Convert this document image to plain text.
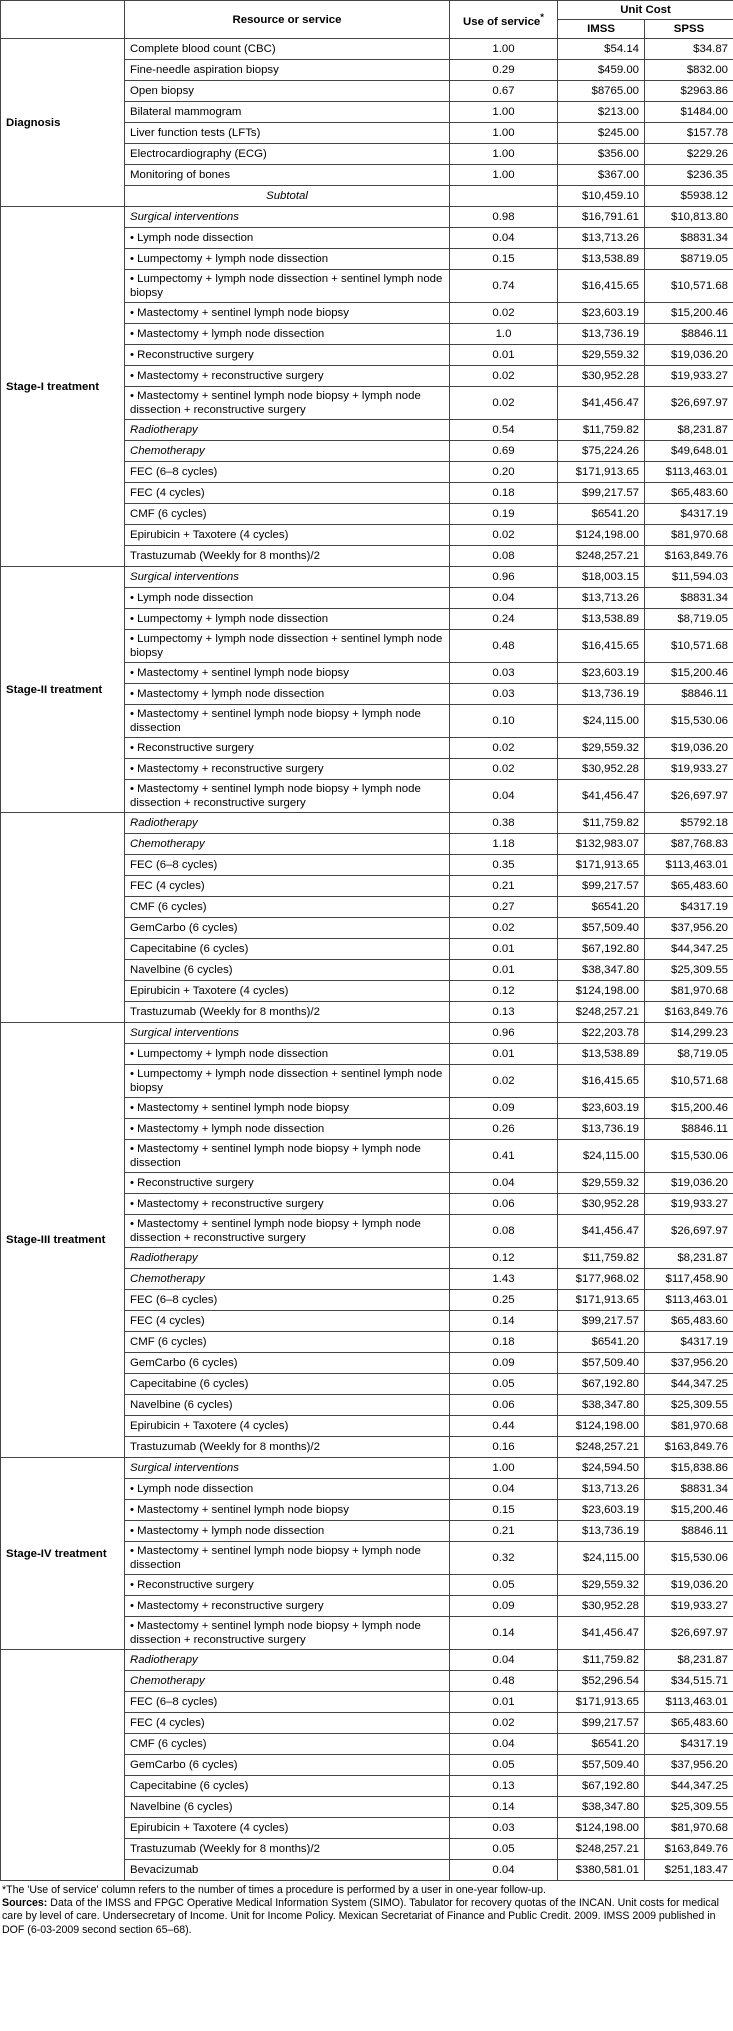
	Resource or service	Use of service*	Unit Cost	
			IMSS	SPSS
Diagnosis	Complete blood count (CBC)	1.00	$54.14	$34.87
	Fine-needle aspiration biopsy	0.29	$459.00	$832.00
	Open biopsy	0.67	$8765.00	$2963.86
	Bilateral mammogram	1.00	$213.00	$1484.00
	Liver function tests (LFTs)	1.00	$245.00	$157.78
	Electrocardiography (ECG)	1.00	$356.00	$229.26
	Monitoring of bones	1.00	$367.00	$236.35
	Subtotal		$10,459.10	$5938.12
Stage-I treatment	Surgical interventions	0.98	$16,791.61	$10,813.80
	• Lymph node dissection	0.04	$13,713.26	$8831.34
	• Lumpectomy + lymph node dissection	0.15	$13,538.89	$8719.05
	• Lumpectomy + lymph node dissection + sentinel lymph node biopsy	0.74	$16,415.65	$10,571.68
	• Mastectomy + sentinel lymph node biopsy	0.02	$23,603.19	$15,200.46
	• Mastectomy + lymph node dissection	1.0	$13,736.19	$8846.11
	• Reconstructive surgery	0.01	$29,559.32	$19,036.20
	• Mastectomy + reconstructive surgery	0.02	$30,952.28	$19,933.27
	• Mastectomy + sentinel lymph node biopsy + lymph node dissection + reconstructive surgery	0.02	$41,456.47	$26,697.97
	Radiotherapy	0.54	$11,759.82	$8,231.87
	Chemotherapy	0.69	$75,224.26	$49,648.01
	FEC (6–8 cycles)	0.20	$171,913.65	$113,463.01
	FEC (4 cycles)	0.18	$99,217.57	$65,483.60
	CMF (6 cycles)	0.19	$6541.20	$4317.19
	Epirubicin + Taxotere (4 cycles)	0.02	$124,198.00	$81,970.68
	Trastuzumab (Weekly for 8 months)/2	0.08	$248,257.21	$163,849.76
Stage-II treatment	Surgical interventions	0.96	$18,003.15	$11,594.03
	• Lymph node dissection	0.04	$13,713.26	$8831.34
	• Lumpectomy + lymph node dissection	0.24	$13,538.89	$8,719.05
	• Lumpectomy + lymph node dissection + sentinel lymph node biopsy	0.48	$16,415.65	$10,571.68
	• Mastectomy + sentinel lymph node biopsy	0.03	$23,603.19	$15,200.46
	• Mastectomy + lymph node dissection	0.03	$13,736.19	$8846.11
	• Mastectomy + sentinel lymph node biopsy + lymph node dissection	0.10	$24,115.00	$15,530.06
	• Reconstructive surgery	0.02	$29,559.32	$19,036.20
	• Mastectomy + reconstructive surgery	0.02	$30,952.28	$19,933.27
	• Mastectomy + sentinel lymph node biopsy + lymph node dissection + reconstructive surgery	0.04	$41,456.47	$26,697.97
	Radiotherapy	0.38	$11,759.82	$5792.18
	Chemotherapy	1.18	$132,983.07	$87,768.83
	FEC (6–8 cycles)	0.35	$171,913.65	$113,463.01
	FEC (4 cycles)	0.21	$99,217.57	$65,483.60
	CMF (6 cycles)	0.27	$6541.20	$4317.19
	GemCarbo (6 cycles)	0.02	$57,509.40	$37,956.20
	Capecitabine (6 cycles)	0.01	$67,192.80	$44,347.25
	Navelbine (6 cycles)	0.01	$38,347.80	$25,309.55
	Epirubicin + Taxotere (4 cycles)	0.12	$124,198.00	$81,970.68
	Trastuzumab (Weekly for 8 months)/2	0.13	$248,257.21	$163,849.76
Stage-III treatment	Surgical interventions	0.96	$22,203.78	$14,299.23
	• Lumpectomy + lymph node dissection	0.01	$13,538.89	$8,719.05
	• Lumpectomy + lymph node dissection + sentinel lymph node biopsy	0.02	$16,415.65	$10,571.68
	• Mastectomy + sentinel lymph node biopsy	0.09	$23,603.19	$15,200.46
	• Mastectomy + lymph node dissection	0.26	$13,736.19	$8846.11
	• Mastectomy + sentinel lymph node biopsy + lymph node dissection	0.41	$24,115.00	$15,530.06
	• Reconstructive surgery	0.04	$29,559.32	$19,036.20
	• Mastectomy + reconstructive surgery	0.06	$30,952.28	$19,933.27
	• Mastectomy + sentinel lymph node biopsy + lymph node dissection + reconstructive surgery	0.08	$41,456.47	$26,697.97
	Radiotherapy	0.12	$11,759.82	$8,231.87
	Chemotherapy	1.43	$177,968.02	$117,458.90
	FEC (6–8 cycles)	0.25	$171,913.65	$113,463.01
	FEC (4 cycles)	0.14	$99,217.57	$65,483.60
	CMF (6 cycles)	0.18	$6541.20	$4317.19
	GemCarbo (6 cycles)	0.09	$57,509.40	$37,956.20
	Capecitabine (6 cycles)	0.05	$67,192.80	$44,347.25
	Navelbine (6 cycles)	0.06	$38,347.80	$25,309.55
	Epirubicin + Taxotere (4 cycles)	0.44	$124,198.00	$81,970.68
	Trastuzumab (Weekly for 8 months)/2	0.16	$248,257.21	$163,849.76
Stage-IV treatment	Surgical interventions	1.00	$24,594.50	$15,838.86
	• Lymph node dissection	0.04	$13,713.26	$8831.34
	• Mastectomy + sentinel lymph node biopsy	0.15	$23,603.19	$15,200.46
	• Mastectomy + lymph node dissection	0.21	$13,736.19	$8846.11
	• Mastectomy + sentinel lymph node biopsy + lymph node dissection	0.32	$24,115.00	$15,530.06
	• Reconstructive surgery	0.05	$29,559.32	$19,036.20
	• Mastectomy + reconstructive surgery	0.09	$30,952.28	$19,933.27
	• Mastectomy + sentinel lymph node biopsy + lymph node dissection + reconstructive surgery	0.14	$41,456.47	$26,697.97
	Radiotherapy	0.04	$11,759.82	$8,231.87
	Chemotherapy	0.48	$52,296.54	$34,515.71
	FEC (6–8 cycles)	0.01	$171,913.65	$113,463.01
	FEC (4 cycles)	0.02	$99,217.57	$65,483.60
	CMF (6 cycles)	0.04	$6541.20	$4317.19
	GemCarbo (6 cycles)	0.05	$57,509.40	$37,956.20
	Capecitabine (6 cycles)	0.13	$67,192.80	$44,347.25
	Navelbine (6 cycles)	0.14	$38,347.80	$25,309.55
	Epirubicin + Taxotere (4 cycles)	0.03	$124,198.00	$81,970.68
	Trastuzumab (Weekly for 8 months)/2	0.05	$248,257.21	$163,849.76
	Bevacizumab	0.04	$380,581.01	$251,183.47

*The 'Use of service' column refers to the number of times a procedure is performed by a user in one-year follow-up.

Sources: Data of the IMSS and FPGC Operative Medical Information System (SIMO). Tabulator for recovery quotas of the INCAN. Unit costs for medical care by level of care. Undersecretary of Income. Unit for Income Policy. Mexican Secretariat of Finance and Public Credit. 2009. IMSS 2009 published in DOF (6-03-2009 second section 65–68).
